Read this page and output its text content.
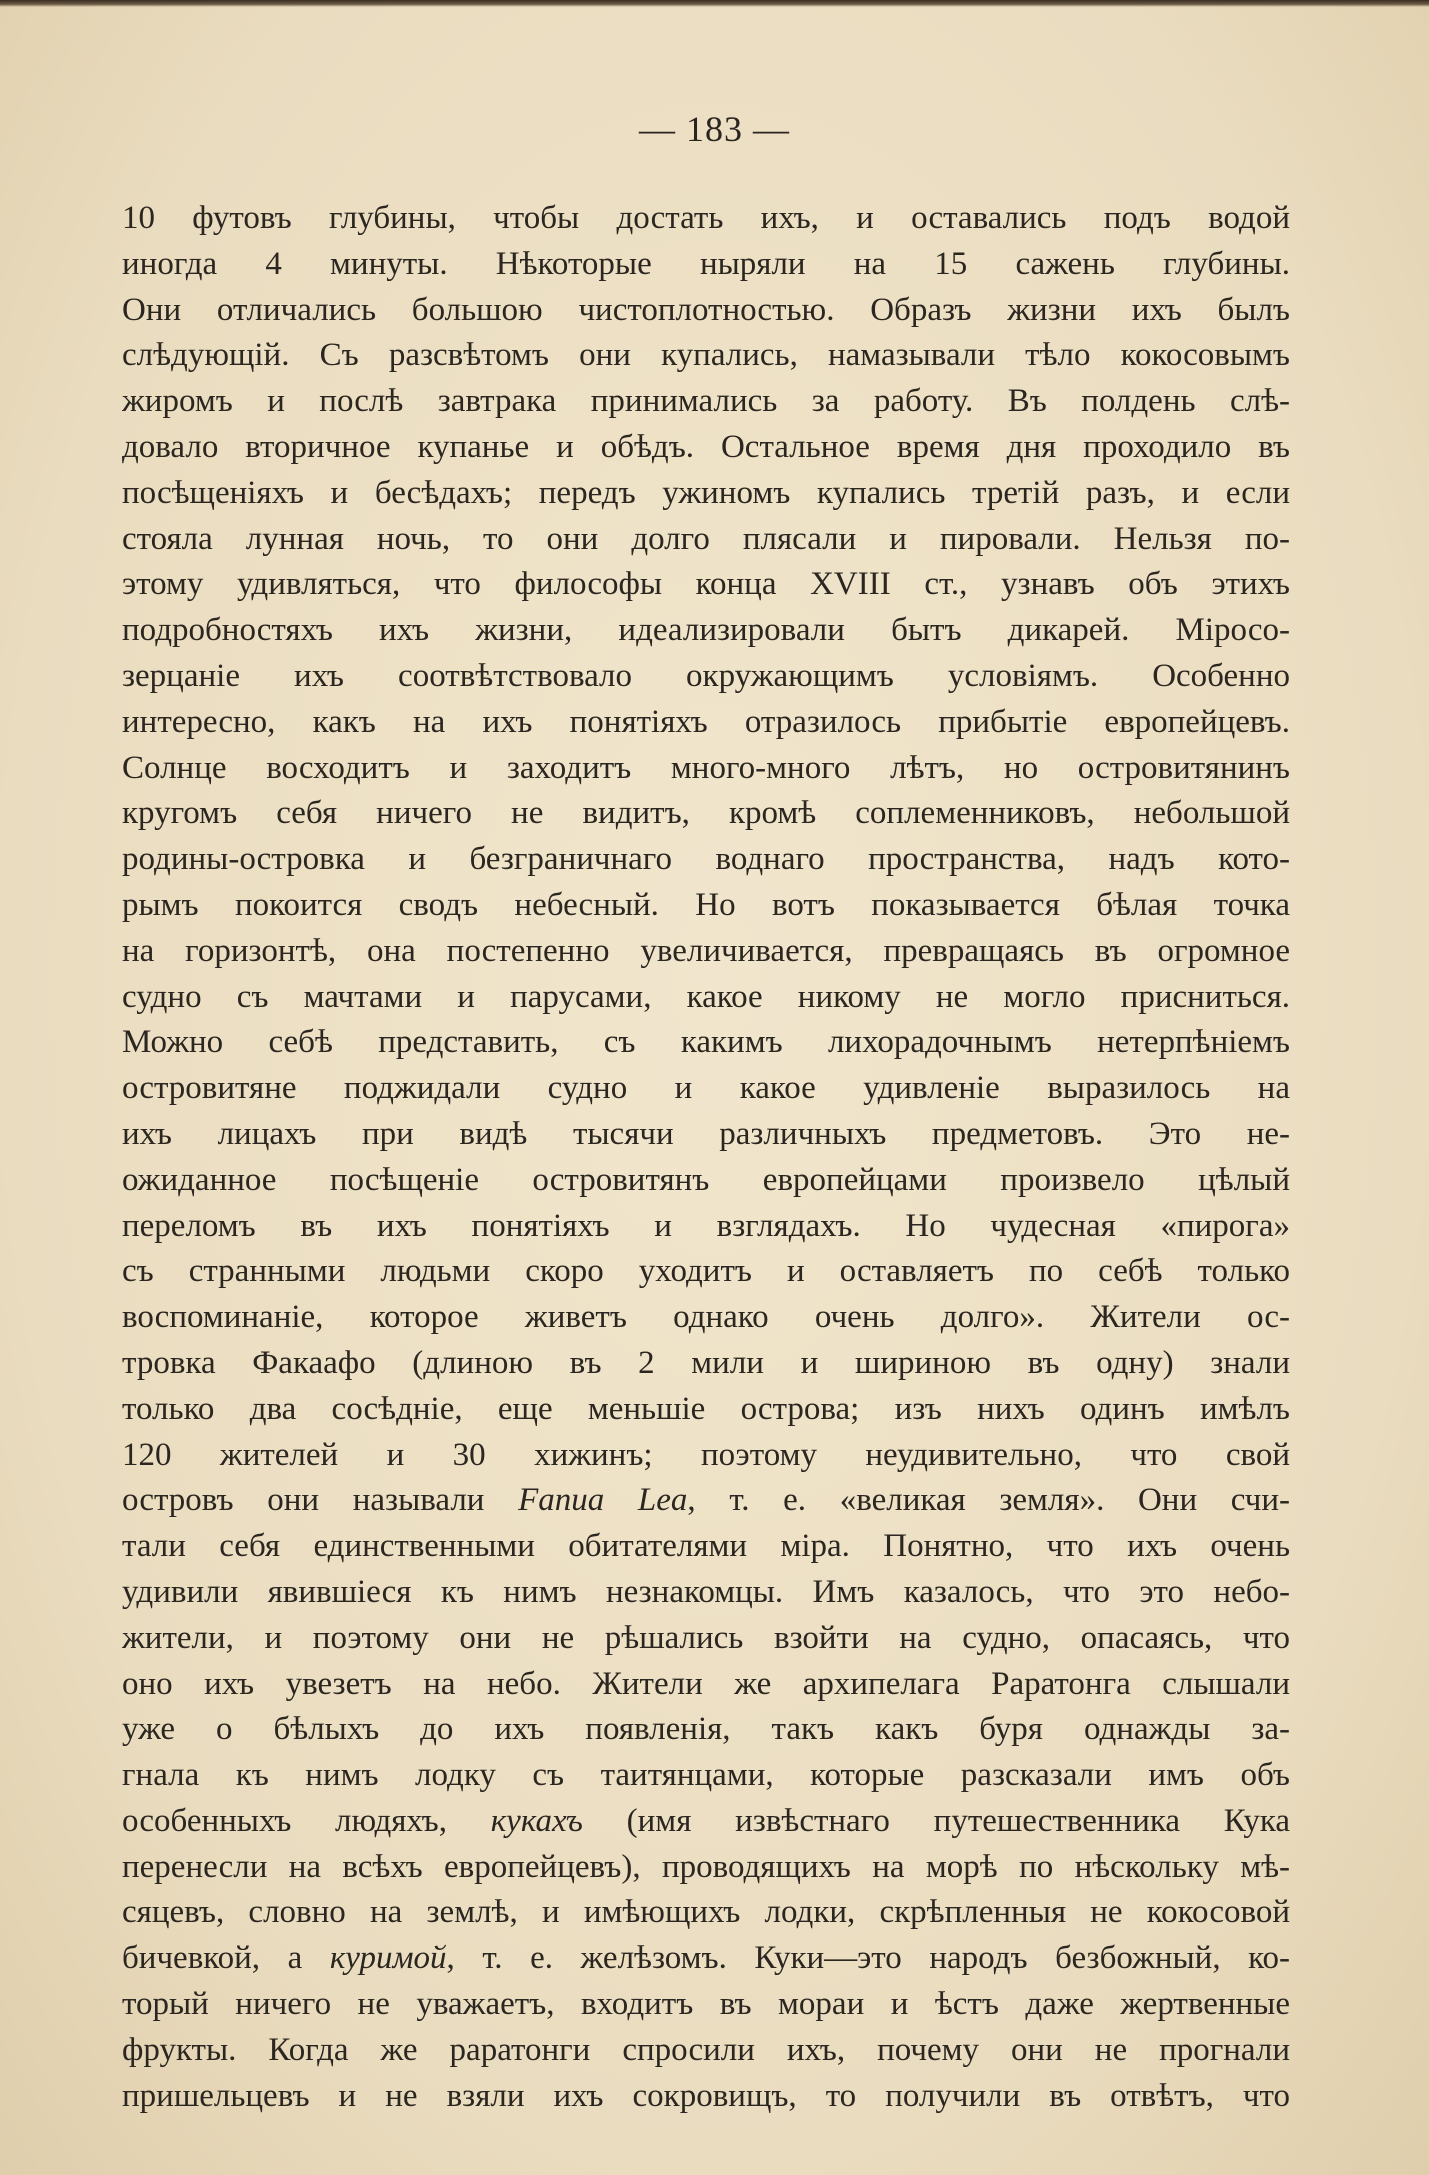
— 183 —
10 футовъ глубины, чтобы достать ихъ, и оставались подъ водой
иногда 4 минуты. Нѣкоторые ныряли на 15 сажень глубины.
Они отличались большою чистоплотностью. Образъ жизни ихъ былъ
слѣдующій. Съ разсвѣтомъ они купались, намазывали тѣло кокосовымъ
жиромъ и послѣ завтрака принимались за работу. Въ полдень слѣ-
довало вторичное купанье и обѣдъ. Остальное время дня проходило въ
посѣщеніяхъ и бесѣдахъ; передъ ужиномъ купались третій разъ, и если
стояла лунная ночь, то они долго плясали и пировали. Нельзя по-
этому удивляться, что философы конца XVIII ст., узнавъ объ этихъ
подробностяхъ ихъ жизни, идеализировали бытъ дикарей. Міросо-
зерцаніе ихъ соотвѣтствовало окружающимъ условіямъ. Особенно
интересно, какъ на ихъ понятіяхъ отразилось прибытіе европейцевъ.
Солнце восходитъ и заходитъ много-много лѣтъ, но островитянинъ
кругомъ себя ничего не видитъ, кромѣ соплеменниковъ, небольшой
родины-островка и безграничнаго воднаго пространства, надъ кото-
рымъ покоится сводъ небесный. Но вотъ показывается бѣлая точка
на горизонтѣ, она постепенно увеличивается, превращаясь въ огромное
судно съ мачтами и парусами, какое никому не могло присниться.
Можно себѣ представить, съ какимъ лихорадочнымъ нетерпѣніемъ
островитяне поджидали судно и какое удивленіе выразилось на
ихъ лицахъ при видѣ тысячи различныхъ предметовъ. Это не-
ожиданное посѣщеніе островитянъ европейцами произвело цѣлый
переломъ въ ихъ понятіяхъ и взглядахъ. Но чудесная «пирога»
съ странными людьми скоро уходитъ и оставляетъ по себѣ только
воспоминаніе, которое живетъ однако очень долго». Жители ос-
тровка Факаафо (длиною въ 2 мили и шириною въ одну) знали
только два сосѣдніе, еще меньшіе острова; изъ нихъ одинъ имѣлъ
120 жителей и 30 хижинъ; поэтому неудивительно, что свой
островъ они называли Fanua Lea, т. е. «великая земля». Они счи-
тали себя единственными обитателями міра. Понятно, что ихъ очень
удивили явившіеся къ нимъ незнакомцы. Имъ казалось, что это небо-
жители, и поэтому они не рѣшались взойти на судно, опасаясь, что
оно ихъ увезетъ на небо. Жители же архипелага Раратонга слышали
уже о бѣлыхъ до ихъ появленія, такъ какъ буря однажды за-
гнала къ нимъ лодку съ таитянцами, которые разсказали имъ объ
особенныхъ людяхъ, кукахъ (имя извѣстнаго путешественника Кука
перенесли на всѣхъ европейцевъ), проводящихъ на морѣ по нѣскольку мѣ-
сяцевъ, словно на землѣ, и имѣющихъ лодки, скрѣпленныя не кокосовой
бичевкой, а куримой, т. е. желѣзомъ. Куки—это народъ безбожный, ко-
торый ничего не уважаетъ, входитъ въ мораи и ѣстъ даже жертвенные
фрукты. Когда же раратонги спросили ихъ, почему они не прогнали
пришельцевъ и не взяли ихъ сокровищъ, то получили въ отвѣтъ, что
